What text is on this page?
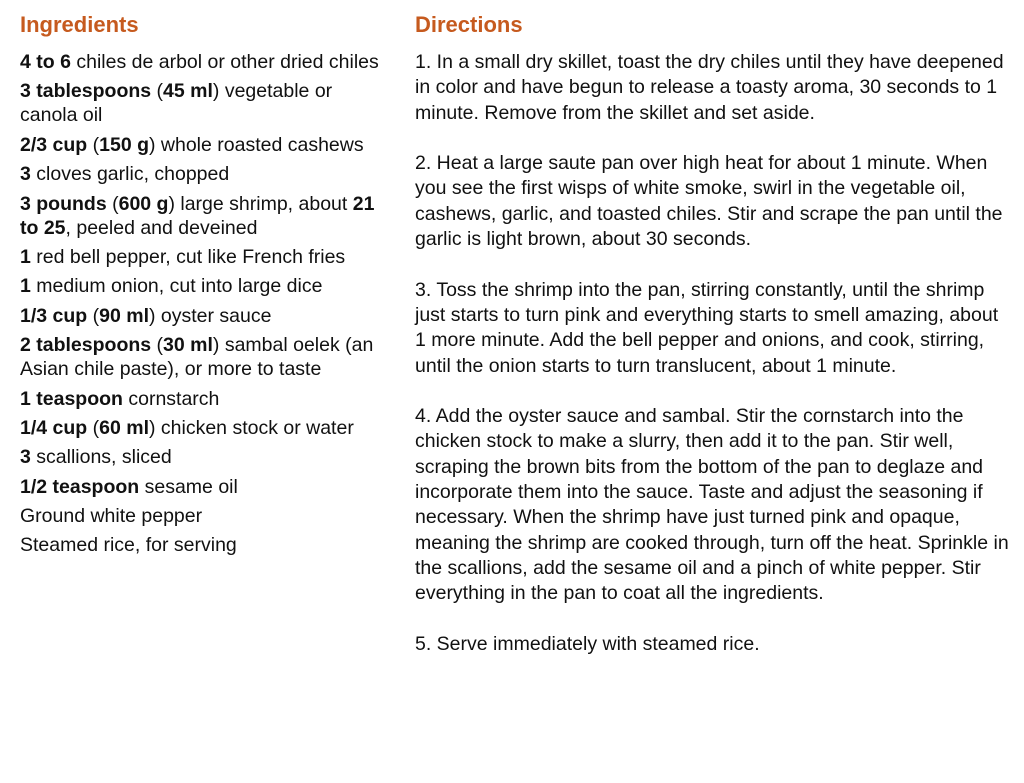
Ingredients
4 to 6 chiles de arbol or other dried chiles
3 tablespoons (45 ml) vegetable or canola oil
2/3 cup (150 g) whole roasted cashews
3 cloves garlic, chopped
3 pounds (600 g) large shrimp, about 21 to 25, peeled and deveined
1 red bell pepper, cut like French fries
1 medium onion, cut into large dice
1/3 cup (90 ml) oyster sauce
2 tablespoons (30 ml) sambal oelek (an Asian chile paste), or more to taste
1 teaspoon cornstarch
1/4 cup (60 ml) chicken stock or water
3 scallions, sliced
1/2 teaspoon sesame oil
Ground white pepper
Steamed rice, for serving
Directions

1. In a small dry skillet, toast the dry chiles until they have deepened in color and have begun to release a toasty aroma, 30 seconds to 1 minute. Remove from the skillet and set aside.

2. Heat a large saute pan over high heat for about 1 minute. When you see the first wisps of white smoke, swirl in the vegetable oil, cashews, garlic, and toasted chiles. Stir and scrape the pan until the garlic is light brown, about 30 seconds.

3. Toss the shrimp into the pan, stirring constantly, until the shrimp just starts to turn pink and everything starts to smell amazing, about 1 more minute. Add the bell pepper and onions, and cook, stirring, until the onion starts to turn translucent, about 1 minute.

4. Add the oyster sauce and sambal. Stir the cornstarch into the chicken stock to make a slurry, then add it to the pan. Stir well, scraping the brown bits from the bottom of the pan to deglaze and incorporate them into the sauce. Taste and adjust the seasoning if necessary. When the shrimp have just turned pink and opaque, meaning the shrimp are cooked through, turn off the heat. Sprinkle in the scallions, add the sesame oil and a pinch of white pepper. Stir everything in the pan to coat all the ingredients.

5. Serve immediately with steamed rice.
